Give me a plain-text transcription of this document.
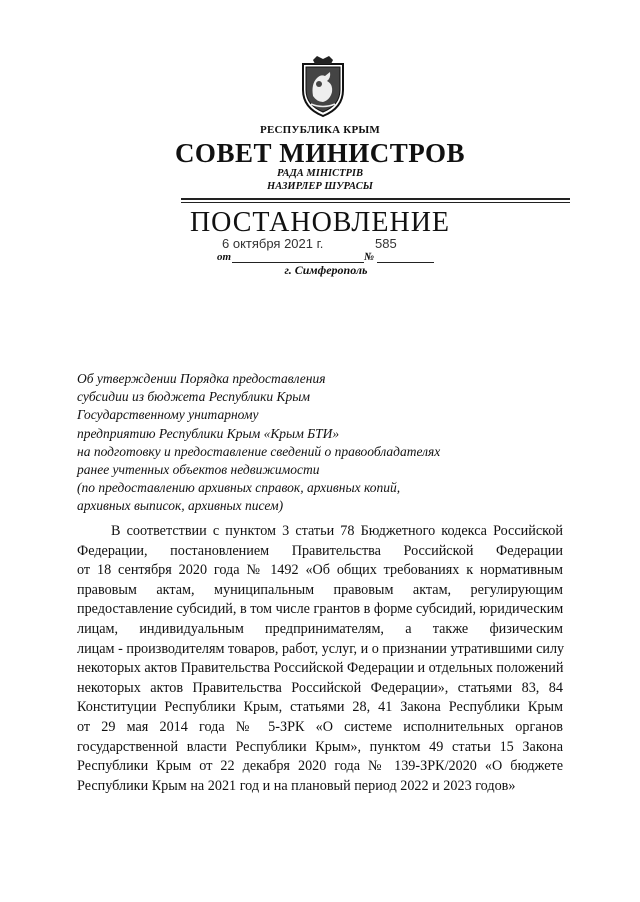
РЕСПУБЛИКА КРЫМ
СОВЕТ МИНИСТРОВ
РАДА МІНІСТРІВ
НАЗИРЛЕР ШУРАСЫ
ПОСТАНОВЛЕНИЕ
6 октября 2021 г.	585
от	№
г. Симферополь
Об утверждении Порядка предоставления
субсидии из бюджета Республики Крым
Государственному унитарному
предприятию Республики Крым «Крым БТИ»
на подготовку и предоставление сведений о правообладателях
ранее учтенных объектов недвижимости
(по предоставлению архивных справок, архивных копий,
архивных выписок, архивных писем)
В соответствии с пунктом 3 статьи 78 Бюджетного кодекса Российской
Федерации, постановлением Правительства Российской Федерации
от 18 сентября 2020 года № 1492 «Об общих требованиях к нормативным
правовым актам, муниципальным правовым актам, регулирующим
предоставление субсидий, в том числе грантов в форме субсидий, юридическим
лицам, индивидуальным предпринимателям, а также физическим
лицам - производителям товаров, работ, услуг, и о признании утратившими силу
некоторых актов Правительства Российской Федерации и отдельных положений
некоторых актов Правительства Российской Федерации», статьями 83, 84
Конституции Республики Крым, статьями 28, 41 Закона Республики Крым
от 29 мая 2014 года № 5-ЗРК «О системе исполнительных органов
государственной власти Республики Крым», пунктом 49 статьи 15 Закона
Республики Крым от 22 декабря 2020 года № 139-ЗРК/2020 «О бюджете
Республики Крым на 2021 год и на плановый период 2022 и 2023 годов»
